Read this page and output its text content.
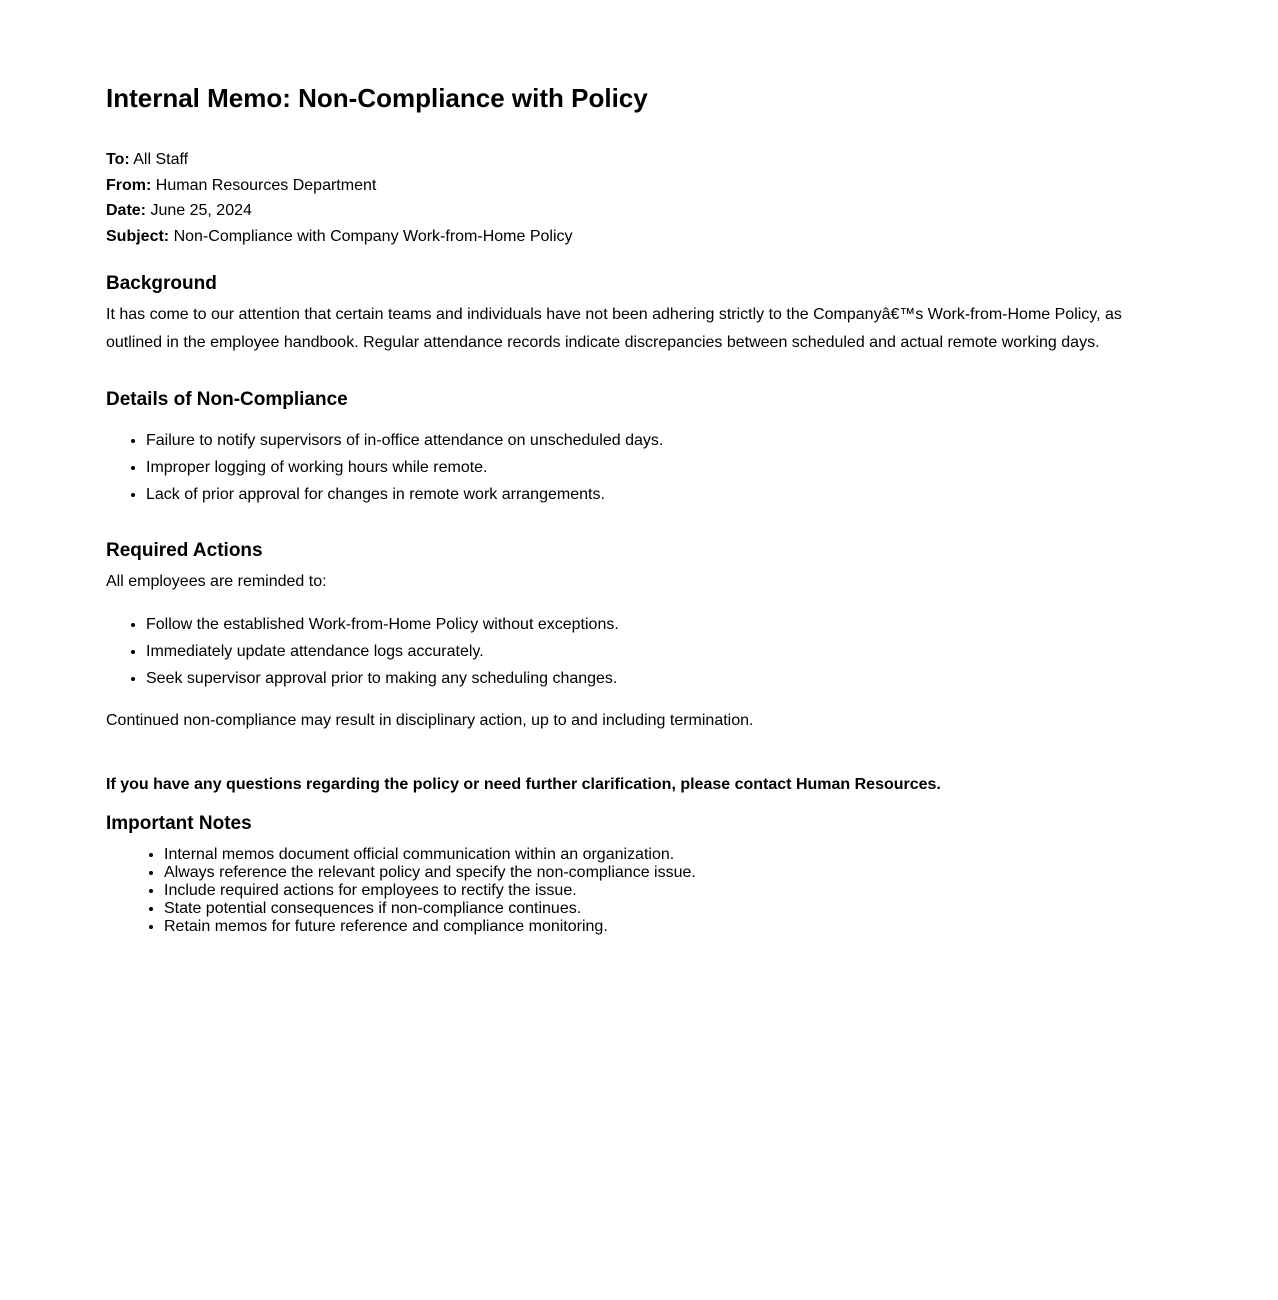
Internal Memo: Non-Compliance with Policy
To: All Staff
From: Human Resources Department
Date: June 25, 2024
Subject: Non-Compliance with Company Work-from-Home Policy
Background

It has come to our attention that certain teams and individuals have not been adhering strictly to the Companyâ€™s Work-from-Home Policy, as outlined in the employee handbook. Regular attendance records indicate discrepancies between scheduled and actual remote working days.

Details of Non-Compliance
• Failure to notify supervisors of in-office attendance on unscheduled days.
• Improper logging of working hours while remote.
• Lack of prior approval for changes in remote work arrangements.
Required Actions

All employees are reminded to:

• Follow the established Work-from-Home Policy without exceptions.
• Immediately update attendance logs accurately.
• Seek supervisor approval prior to making any scheduling changes.

Continued non-compliance may result in disciplinary action, up to and including termination.

If you have any questions regarding the policy or need further clarification, please contact Human Resources.

Important Notes
• Internal memos document official communication within an organization.
• Always reference the relevant policy and specify the non-compliance issue.
• Include required actions for employees to rectify the issue.
• State potential consequences if non-compliance continues.
• Retain memos for future reference and compliance monitoring.
